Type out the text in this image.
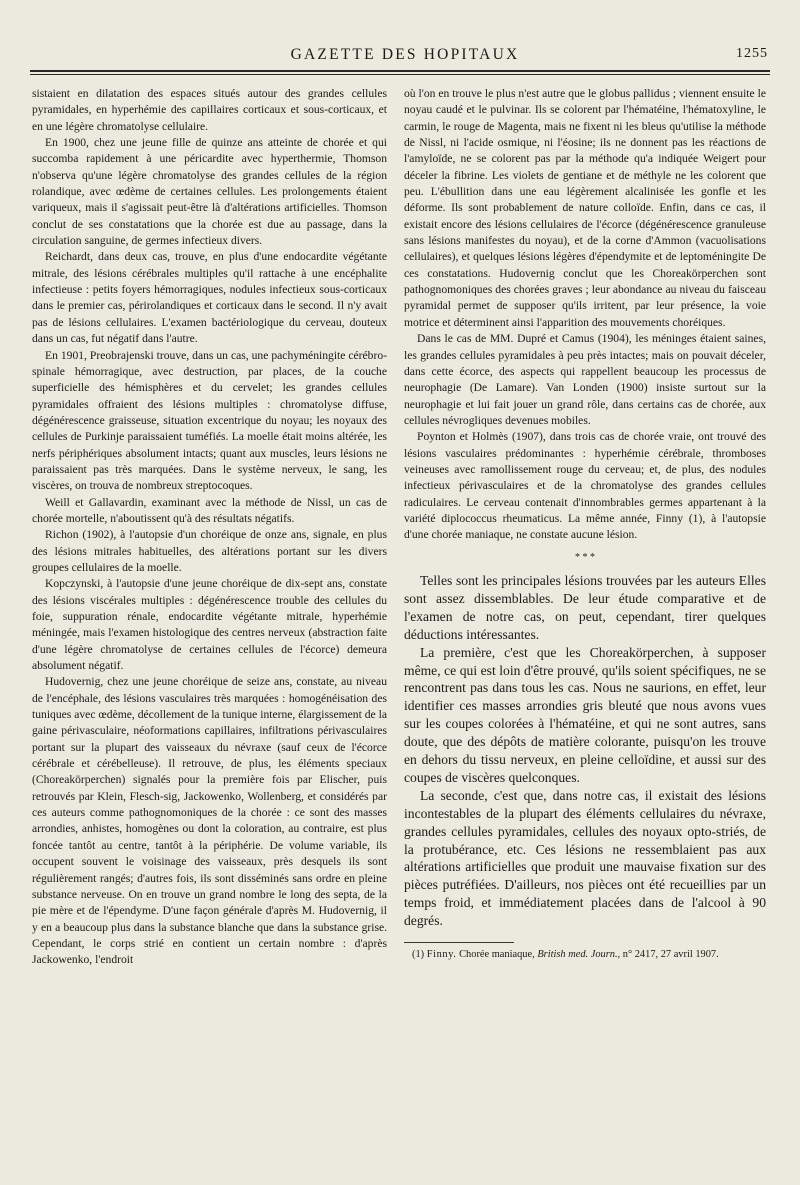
GAZETTE DES HOPITAUX	1255

sistaient en dilatation des espaces situés autour des grandes cellules pyramidales, en hyperhémie des capillaires corticaux et sous-corticaux, et en une légère chromatolyse cellulaire.

En 1900, chez une jeune fille de quinze ans atteinte de chorée et qui succomba rapidement à une péricardite avec hyperthermie, Thomson n'observa qu'une légère chromatolyse des grandes cellules de la région rolandique, avec œdème de certaines cellules. Les prolongements étaient variqueux, mais il s'agissait peut-être là d'altérations artificielles. Thomson conclut de ses constatations que la chorée est due au passage, dans la circulation sanguine, de germes infectieux divers.

Reichardt, dans deux cas, trouve, en plus d'une endocardite végétante mitrale, des lésions cérébrales multiples qu'il rattache à une encéphalite infectieuse : petits foyers hémorragiques, nodules infectieux sous-corticaux dans le premier cas, périrolandiques et corticaux dans le second. Il n'y avait pas de lésions cellulaires. L'examen bactériologique du cerveau, douteux dans un cas, fut négatif dans l'autre.

En 1901, Preobrajenski trouve, dans un cas, une pachyméningite cérébro-spinale hémorragique, avec destruction, par places, de la couche superficielle des hémisphères et du cervelet; les grandes cellules pyramidales offraient des lésions multiples : chromatolyse diffuse, dégénérescence graisseuse, situation excentrique du noyau; les noyaux des cellules de Purkinje paraissaient tuméfiés. La moelle était moins altérée, les nerfs périphériques absolument intacts; quant aux muscles, leurs lésions ne paraissaient pas très marquées. Dans le système nerveux, le sang, les viscères, on trouva de nombreux streptocoques.

Weill et Gallavardin, examinant avec la méthode de Nissl, un cas de chorée mortelle, n'aboutissent qu'à des résultats négatifs.

Richon (1902), à l'autopsie d'un choréique de onze ans, signale, en plus des lésions mitrales habituelles, des altérations portant sur les divers groupes cellulaires de la moelle.

Kopczynski, à l'autopsie d'une jeune choréique de dix-sept ans, constate des lésions viscérales multiples : dégénérescence trouble des cellules du foie, suppuration rénale, endocardite végétante mitrale, hyperhémie méningée, mais l'examen histologique des centres nerveux (abstraction faite d'une légère chromatolyse de certaines cellules de l'écorce) demeura absolument négatif.

Hudovernig, chez une jeune choréique de seize ans, constate, au niveau de l'encéphale, des lésions vasculaires très marquées : homogénéisation des tuniques avec œdème, décollement de la tunique interne, élargissement de la gaine périvasculaire, néoformations capillaires, infiltrations périvasculaires portant sur la plupart des vaisseaux du névraxe (sauf ceux de l'écorce cérébrale et cérébelleuse). Il retrouve, de plus, les éléments speciaux (Choreakörperchen) signalés pour la première fois par Elischer, puis retrouvés par Klein, Flesch-sig, Jackowenko, Wollenberg, et considérés par ces auteurs comme pathognomoniques de la chorée : ce sont des masses arrondies, anhistes, homogènes ou dont la coloration, au contraire, est plus foncée tantôt au centre, tantôt à la périphérie. De volume variable, ils occupent souvent le voisinage des vaisseaux, près desquels ils sont régulièrement rangés; d'autres fois, ils sont disséminés sans ordre en pleine substance nerveuse. On en trouve un grand nombre le long des septa, de la pie mère et de l'épendyme. D'une façon générale d'après M. Hudovernig, il y en a beaucoup plus dans la substance blanche que dans la substance grise. Cependant, le corps strié en contient un certain nombre : d'après Jackowenko, l'endroit

où l'on en trouve le plus n'est autre que le globus pallidus ; viennent ensuite le noyau caudé et le pulvinar. Ils se colorent par l'hématéine, l'hématoxyline, le carmin, le rouge de Magenta, mais ne fixent ni les bleus qu'utilise la méthode de Nissl, ni l'acide osmique, ni l'éosine; ils ne donnent pas les réactions de l'amyloïde, ne se colorent pas par la méthode qu'a indiquée Weigert pour déceler la fibrine. Les violets de gentiane et de méthyle ne les colorent que peu. L'ébullition dans une eau légèrement alcalinisée les gonfle et les déforme. Ils sont probablement de nature colloïde. Enfin, dans ce cas, il existait encore des lésions cellulaires de l'écorce (dégénérescence granuleuse sans lésions manifestes du noyau), et de la corne d'Ammon (vacuolisations cellulaires), et quelques lésions légères d'épendymite et de leptoméningite De ces constatations. Hudovernig conclut que les Choreakörperchen sont pathognomoniques des chorées graves ; leur abondance au niveau du faisceau pyramidal permet de supposer qu'ils irritent, par leur présence, la voie motrice et déterminent ainsi l'apparition des mouvements choréiques.

Dans le cas de MM. Dupré et Camus (1904), les méninges étaient saines, les grandes cellules pyramidales à peu près intactes; mais on pouvait déceler, dans cette écorce, des aspects qui rappellent beaucoup les processus de neurophagie (De Lamare). Van Londen (1900) insiste surtout sur la neurophagie et lui fait jouer un grand rôle, dans certains cas de chorée, aux cellules névrogliques devenues mobiles.

Poynton et Holmès (1907), dans trois cas de chorée vraie, ont trouvé des lésions vasculaires prédominantes : hyperhémie cérébrale, thromboses veineuses avec ramollissement rouge du cerveau; et, de plus, des nodules infectieux périvasculaires et de la chromatolyse des grandes cellules radiculaires. Le cerveau contenait d'innombrables germes appartenant à la variété diplococcus rheumaticus. La même année, Finny (1), à l'autopsie d'une chorée maniaque, ne constate aucune lésion.

* * *

Telles sont les principales lésions trouvées par les auteurs Elles sont assez dissemblables. De leur étude comparative et de l'examen de notre cas, on peut, cependant, tirer quelques déductions intéressantes.

La première, c'est que les Choreakörperchen, à supposer même, ce qui est loin d'être prouvé, qu'ils soient spécifiques, ne se rencontrent pas dans tous les cas. Nous ne saurions, en effet, leur identifier ces masses arrondies gris bleuté que nous avons vues sur les coupes colorées à l'hématéine, et qui ne sont autres, sans doute, que des dépôts de matière colorante, puisqu'on les trouve en dehors du tissu nerveux, en pleine celloïdine, et aussi sur des coupes de viscères quelconques.

La seconde, c'est que, dans notre cas, il existait des lésions incontestables de la plupart des éléments cellulaires du névraxe, grandes cellules pyramidales, cellules des noyaux opto-striés, de la protubérance, etc. Ces lésions ne ressemblaient pas aux altérations artificielles que produit une mauvaise fixation sur des pièces putréfiées. D'ailleurs, nos pièces ont été recueillies par un temps froid, et immédiatement placées dans de l'alcool à 90 degrés.

(1) Finny. Chorée maniaque, British med. Journ., n° 2417, 27 avril 1907.
